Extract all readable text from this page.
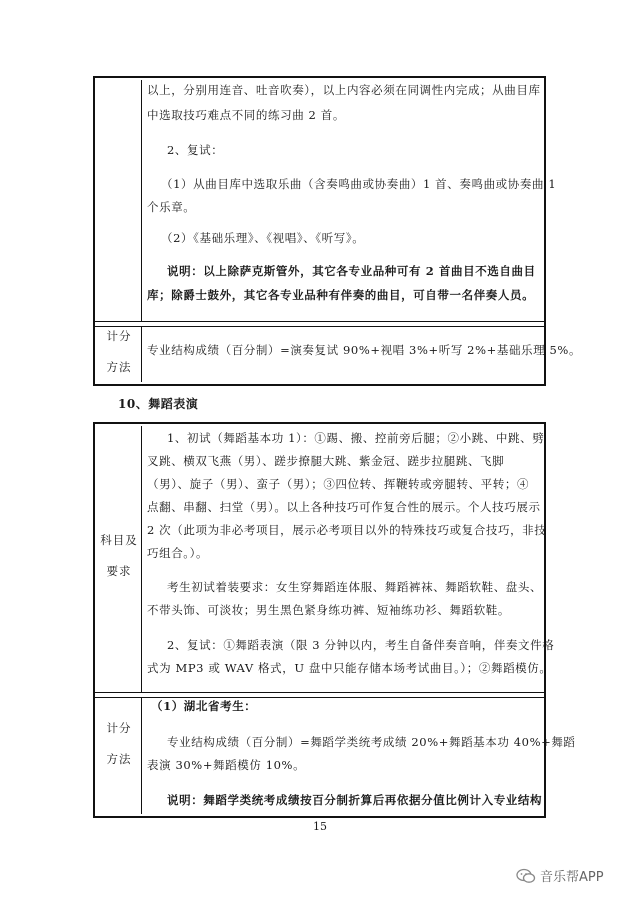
以上，分别用连音、吐音吹奏），以上内容必须在同调性内完成；从曲目库
中选取技巧难点不同的练习曲 2 首。
2、复试：
（1）从曲目库中选取乐曲（含奏鸣曲或协奏曲）1 首、奏鸣曲或协奏曲 1
个乐章。
（2）《基础乐理》、《视唱》、《听写》。
说明：以上除萨克斯管外，其它各专业品种可有 2 首曲目不选自曲目
库；除爵士鼓外，其它各专业品种有伴奏的曲目，可自带一名伴奏人员。
计分
方法
专业结构成绩（百分制）=演奏复试 90%+视唱 3%+听写 2%+基础乐理 5%。
10、舞蹈表演
科目及
要求
1、初试（舞蹈基本功 1）：①踢、搬、控前旁后腿；②小跳、中跳、劈
叉跳、横双飞燕（男）、蹉步撩腿大跳、紫金冠、蹉步拉腿跳、飞脚
（男）、旋子（男）、蛮子（男）；③四位转、挥鞭转或旁腿转、平转；④
点翻、串翻、扫堂（男）。以上各种技巧可作复合性的展示。个人技巧展示
2 次（此项为非必考项目，展示必考项目以外的特殊技巧或复合技巧，非技
巧组合。）。
考生初试着装要求：女生穿舞蹈连体服、舞蹈裤袜、舞蹈软鞋、盘头、
不带头饰、可淡妆；男生黑色紧身练功裤、短袖练功衫、舞蹈软鞋。
2、复试：①舞蹈表演（限 3 分钟以内，考生自备伴奏音响，伴奏文件格
式为 MP3 或 WAV 格式，U 盘中只能存储本场考试曲目。）；②舞蹈模仿。
计分
方法
（1）湖北省考生：
专业结构成绩（百分制）=舞蹈学类统考成绩 20%+舞蹈基本功 40%+舞蹈
表演 30%+舞蹈模仿 10%。
说明：舞蹈学类统考成绩按百分制折算后再依据分值比例计入专业结构
15
音乐帮APP
